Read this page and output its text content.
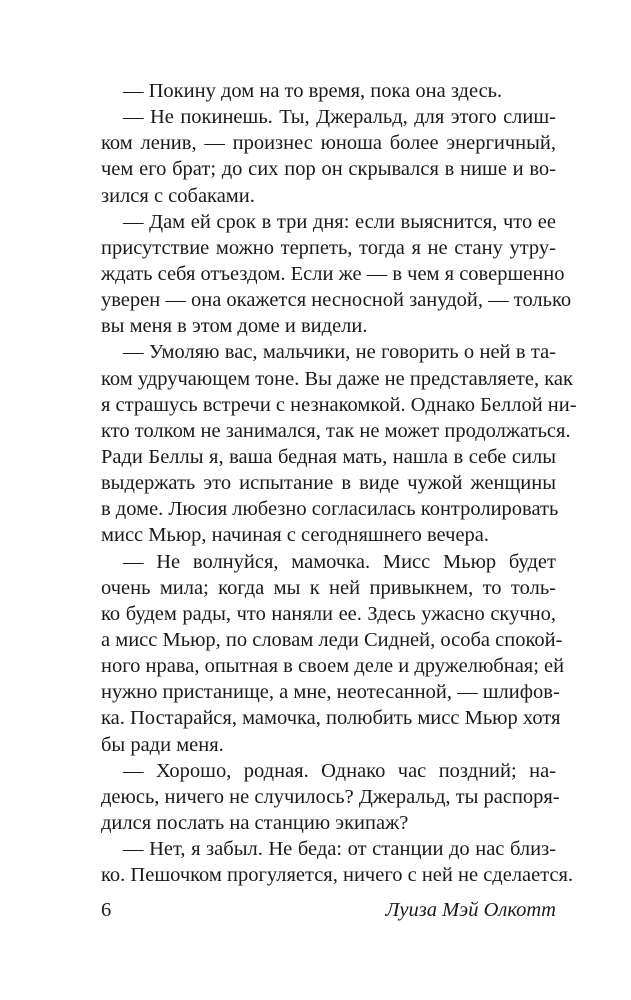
— Покину дом на то время, пока она здесь.
— Не покинешь. Ты, Джеральд, для этого слиш-
ком ленив, — произнес юноша более энергичный,
чем его брат; до сих пор он скрывался в нише и во-
зился с собаками.
— Дам ей срок в три дня: если выяснится, что ее
присутствие можно терпеть, тогда я не стану утру-
ждать себя отъездом. Если же — в чем я совершенно
уверен — она окажется несносной занудой, — только
вы меня в этом доме и видели.
— Умоляю вас, мальчики, не говорить о ней в та-
ком удручающем тоне. Вы даже не представляете, как
я страшусь встречи с незнакомкой. Однако Беллой ни-
кто толком не занимался, так не может продолжаться.
Ради Беллы я, ваша бедная мать, нашла в себе силы
выдержать это испытание в виде чужой женщины
в доме. Люсия любезно согласилась контролировать
мисс Мьюр, начиная с сегодняшнего вечера.
— Не волнуйся, мамочка. Мисс Мьюр будет
очень мила; когда мы к ней привыкнем, то толь-
ко будем рады, что наняли ее. Здесь ужасно скучно,
а мисс Мьюр, по словам леди Сидней, особа спокой-
ного нрава, опытная в своем деле и дружелюбная; ей
нужно пристанище, а мне, неотесанной, — шлифов-
ка. Постарайся, мамочка, полюбить мисс Мьюр хотя
бы ради меня.
— Хорошо, родная. Однако час поздний; на-
деюсь, ничего не случилось? Джеральд, ты распоря-
дился послать на станцию экипаж?
— Нет, я забыл. Не беда: от станции до нас близ-
ко. Пешочком прогуляется, ничего с ней не сделается.
6	Луиза Мэй Олкотт
